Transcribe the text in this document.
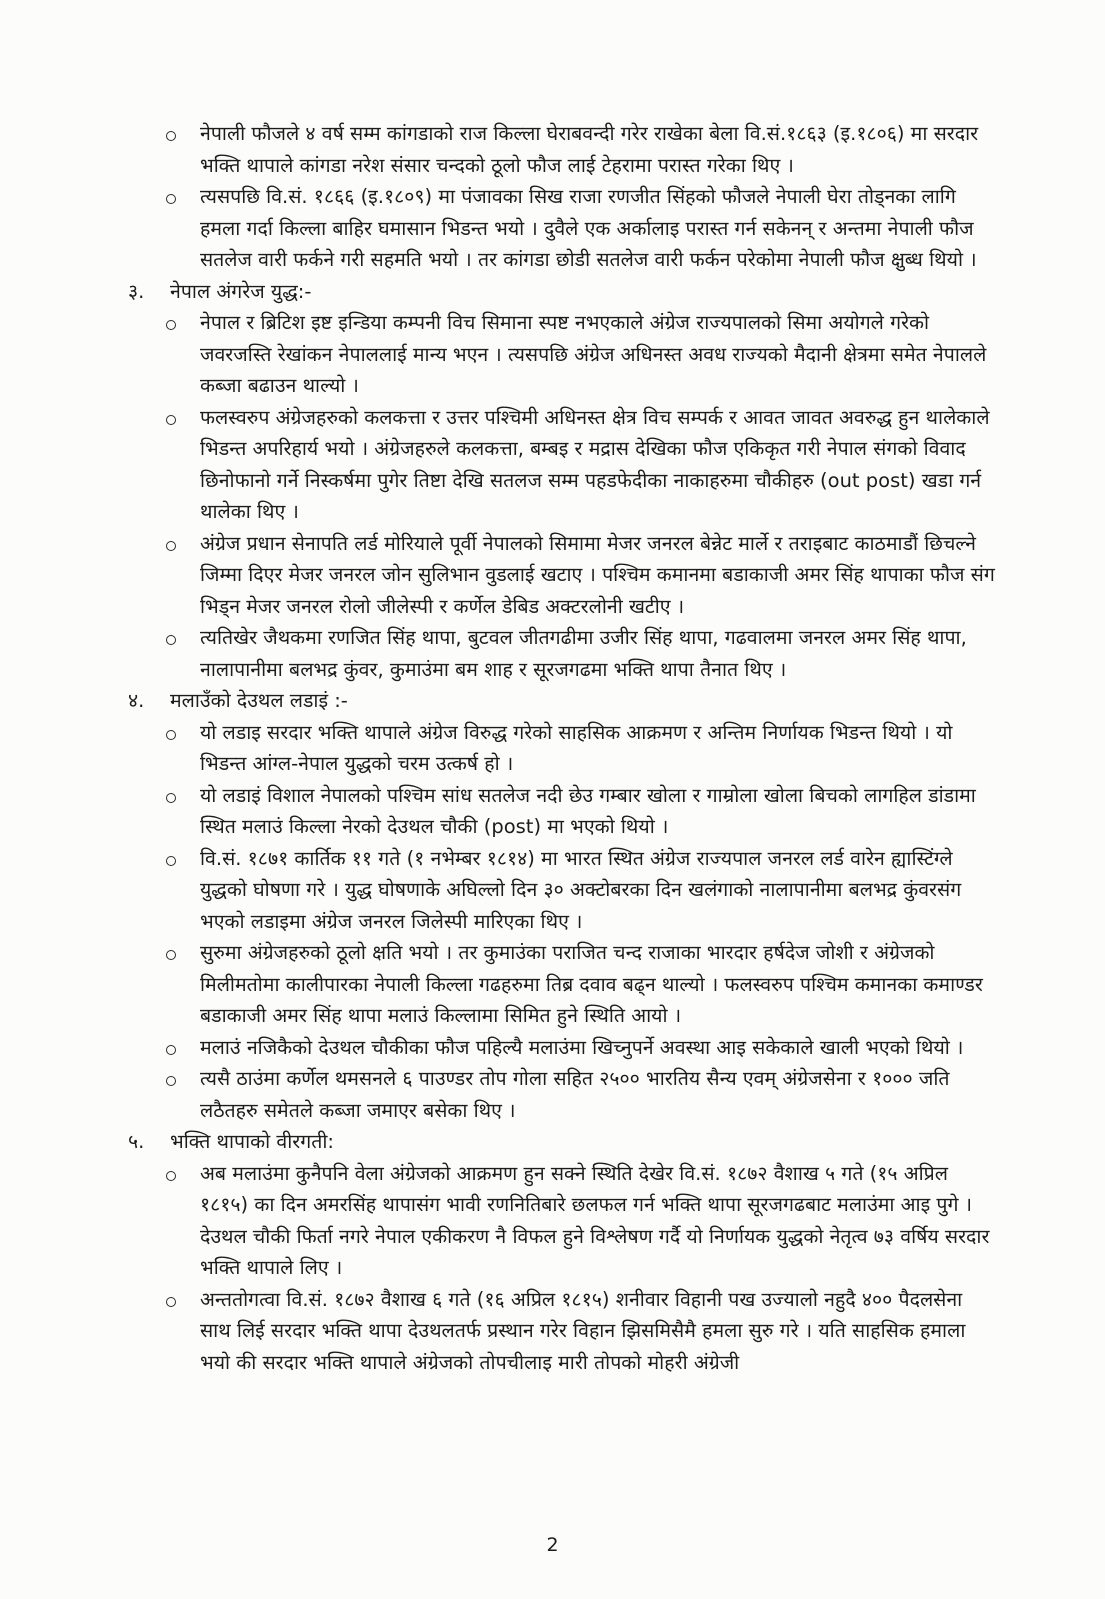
नेपाली फौजले ४ वर्ष सम्म कांगडाको राज किल्ला घेराबवन्दी गरेर राखेका बेला वि.सं.१८६३ (इ.१८०६) मा सरदार भक्ति थापाले कांगडा नरेश संसार चन्दको ठूलो फौज लाई टेहरामा परास्त गरेका थिए ।
त्यसपछि वि.सं. १८६६ (इ.१८०९) मा पंजावका सिख राजा रणजीत सिंहको फौजले नेपाली घेरा तोड्नका लागि हमला गर्दा किल्ला बाहिर घमासान भिडन्त भयो । दुवैले एक अर्कालाइ परास्त गर्न सकेनन् र अन्तमा नेपाली फौज सतलेज वारी फर्कने गरी सहमति भयो । तर कांगडा छोडी सतलेज वारी फर्कन परेकोमा नेपाली फौज क्षुब्ध थियो ।
३.	नेपाल अंगरेज युद्ध:-
नेपाल र ब्रिटिश इष्ट इन्डिया कम्पनी विच सिमाना स्पष्ट नभएकाले अंग्रेज राज्यपालको सिमा अयोगले गरेको जवरजस्ति रेखांकन नेपाललाई मान्य भएन । त्यसपछि अंग्रेज अधिनस्त अवध राज्यको मैदानी क्षेत्रमा समेत नेपालले कब्जा बढाउन थाल्यो ।
फलस्वरुप अंग्रेजहरुको कलकत्ता र उत्तर पश्चिमी अधिनस्त क्षेत्र विच सम्पर्क र आवत जावत अवरुद्ध हुन थालेकाले भिडन्त अपरिहार्य भयो । अंग्रेजहरुले कलकत्ता, बम्बइ र मद्रास देखिका फौज एकिकृत गरी नेपाल संगको विवाद छिनोफानो गर्ने निस्कर्षमा पुगेर तिष्टा देखि सतलज सम्म पहडफेदीका नाकाहरुमा चौकीहरु (out post) खडा गर्न थालेका थिए ।
अंग्रेज प्रधान सेनापति लर्ड मोरियाले पूर्वी नेपालको सिमामा मेजर जनरल बेन्नेट मार्ले र तराइबाट काठमाडौं छिचल्ने जिम्मा दिएर मेजर जनरल जोन सुलिभान वुडलाई खटाए । पश्चिम कमानमा बडाकाजी अमर सिंह थापाका फौज संग भिड्न मेजर जनरल रोलो जीलेस्पी र कर्णेल डेबिड अक्टरलोनी खटीए ।
त्यतिखेर जैथकमा रणजित सिंह थापा, बुटवल जीतगढीमा उजीर सिंह थापा, गढवालमा जनरल अमर सिंह थापा, नालापानीमा बलभद्र कुंवर, कुमाउंमा बम शाह र सूरजगढमा भक्ति थापा तैनात थिए ।
४.	मलाउँको देउथल लडाइं :-
यो लडाइ सरदार भक्ति थापाले अंग्रेज विरुद्ध गरेको साहसिक आक्रमण र अन्तिम निर्णायक भिडन्त थियो । यो भिडन्त आंग्ल-नेपाल युद्धको चरम उत्कर्ष हो ।
यो लडाइं विशाल नेपालको पश्चिम सांध सतलेज नदी छेउ गम्बार खोला र गाम्रोला खोला बिचको लागहिल डांडामा स्थित मलाउं किल्ला नेरको देउथल चौकी (post) मा भएको थियो ।
वि.सं. १८७१ कार्तिक ११ गते (१ नभेम्बर १८१४) मा भारत स्थित अंग्रेज राज्यपाल जनरल लर्ड वारेन ह्यास्टिंग्ले युद्धको घोषणा गरे । युद्ध घोषणाके अघिल्लो दिन ३० अक्टोबरका दिन खलंगाको नालापानीमा बलभद्र कुंवरसंग भएको लडाइमा अंग्रेज जनरल जिलेस्पी मारिएका थिए ।
सुरुमा अंग्रेजहरुको ठूलो क्षति भयो । तर कुमाउंका पराजित चन्द राजाका भारदार हर्षदेज जोशी र अंग्रेजको मिलीमतोमा कालीपारका नेपाली किल्ला गढहरुमा तिब्र दवाव बढ्न थाल्यो । फलस्वरुप पश्चिम कमानका कमाण्डर बडाकाजी अमर सिंह थापा मलाउं किल्लामा सिमित हुने स्थिति आयो ।
मलाउं नजिकैको देउथल चौकीका फौज पहिल्यै मलाउंमा खिच्नुपर्ने अवस्था आइ सकेकाले खाली भएको थियो ।
त्यसै ठाउंमा कर्णेल थमसनले ६ पाउण्डर तोप गोला सहित २५०० भारतिय सैन्य एवम् अंग्रेजसेना र १००० जति लठैतहरु समेतले कब्जा जमाएर बसेका थिए ।
५.	भक्ति थापाको वीरगती:
अब मलाउंमा कुनैपनि वेला अंग्रेजको आक्रमण हुन सक्ने स्थिति देखेर वि.सं. १८७२ वैशाख ५ गते (१५ अप्रिल १८१५) का दिन अमरसिंह थापासंग भावी रणनितिबारे छलफल गर्न भक्ति थापा सूरजगढबाट मलाउंमा आइ पुगे । देउथल चौकी फिर्ता नगरे नेपाल एकीकरण नै विफल हुने विश्लेषण गर्दै यो निर्णायक युद्धको नेतृत्व ७३ वर्षिय सरदार भक्ति थापाले लिए ।
अन्ततोगत्वा वि.सं. १८७२ वैशाख ६ गते (१६ अप्रिल १८१५) शनीवार विहानी पख उज्यालो नहुदै ४०० पैदलसेना साथ लिई सरदार भक्ति थापा देउथलतर्फ प्रस्थान गरेर विहान झिसमिसैमै हमला सुरु गरे । यति साहसिक हमाला भयो की सरदार भक्ति थापाले अंग्रेजको तोपचीलाइ मारी तोपको मोहरी अंग्रेजी
2
